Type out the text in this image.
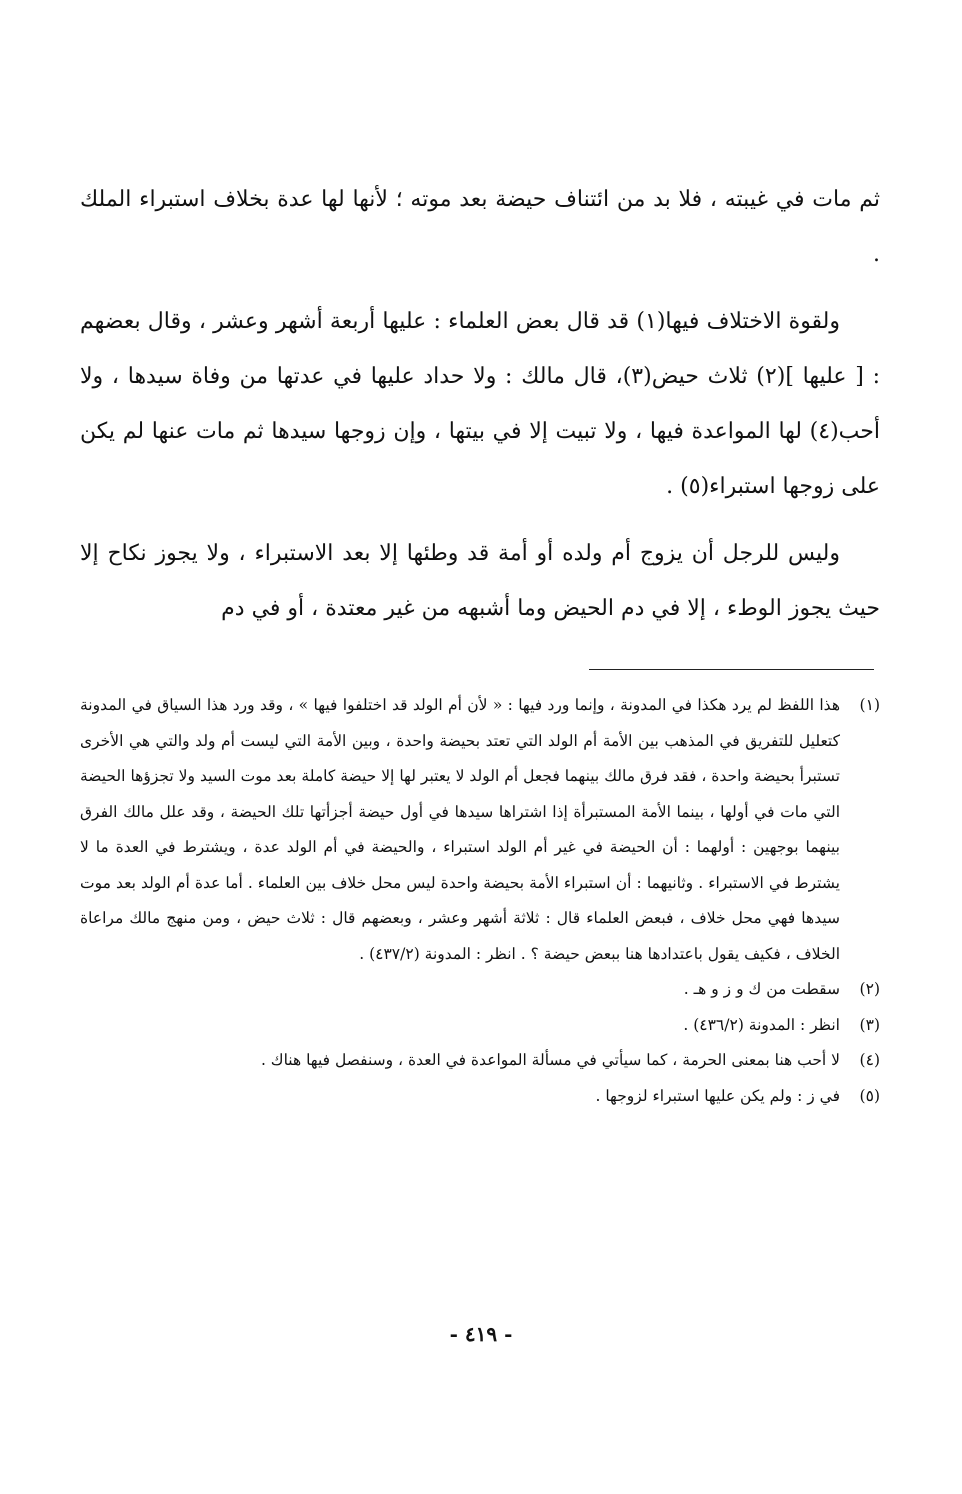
ثم مات في غيبته ، فلا بد من ائتناف حيضة بعد موته ؛ لأنها لها عدة بخلاف استبراء الملك .

ولقوة الاختلاف فيها(١) قد قال بعض العلماء : عليها أربعة أشهر وعشر ، وقال بعضهم : [ عليها ](٢) ثلاث حيض(٣)، قال مالك : ولا حداد عليها في عدتها من وفاة سيدها ، ولا أحب(٤) لها المواعدة فيها ، ولا تبيت إلا في بيتها ، وإن زوجها سيدها ثم مات عنها لم يكن على زوجها استبراء(٥) .

وليس للرجل أن يزوج أم ولده أو أمة قد وطئها إلا بعد الاستبراء ، ولا يجوز نكاح إلا حيث يجوز الوطء ، إلا في دم الحيض وما أشبهه من غير معتدة ، أو في دم

(١)
هذا اللفظ لم يرد هكذا في المدونة ، وإنما ورد فيها : « لأن أم الولد قد اختلفوا فيها » ، وقد ورد هذا السياق في المدونة كتعليل للتفريق في المذهب بين الأمة أم الولد التي تعتد بحيضة واحدة ، وبين الأمة التي ليست أم ولد والتي هي الأخرى تستبرأ بحيضة واحدة ، فقد فرق مالك بينهما فجعل أم الولد لا يعتبر لها إلا حيضة كاملة بعد موت السيد ولا تجزؤها الحيضة التي مات في أولها ، بينما الأمة المستبرأة إذا اشتراها سيدها في أول حيضة أجزأتها تلك الحيضة ، وقد علل مالك الفرق بينهما بوجهين : أولهما : أن الحيضة في غير أم الولد استبراء ، والحيضة في أم الولد عدة ، ويشترط في العدة ما لا يشترط في الاستبراء . وثانيهما : أن استبراء الأمة بحيضة واحدة ليس محل خلاف بين العلماء . أما عدة أم الولد بعد موت سيدها فهي محل خلاف ، فبعض العلماء قال : ثلاثة أشهر وعشر ، وبعضهم قال : ثلاث حيض ، ومن منهج مالك مراعاة الخلاف ، فكيف يقول باعتدادها هنا ببعض حيضة ؟ . انظر : المدونة (٤٣٧/٢) .
(٢)
سقطت من ك و ز و هـ .
(٣)
انظر : المدونة (٤٣٦/٢) .
(٤)
لا أحب هنا بمعنى الحرمة ، كما سيأتي في مسألة المواعدة في العدة ، وسنفصل فيها هناك .
(٥)
في ز : ولم يكن عليها استبراء لزوجها .
- ٤١٩ -
